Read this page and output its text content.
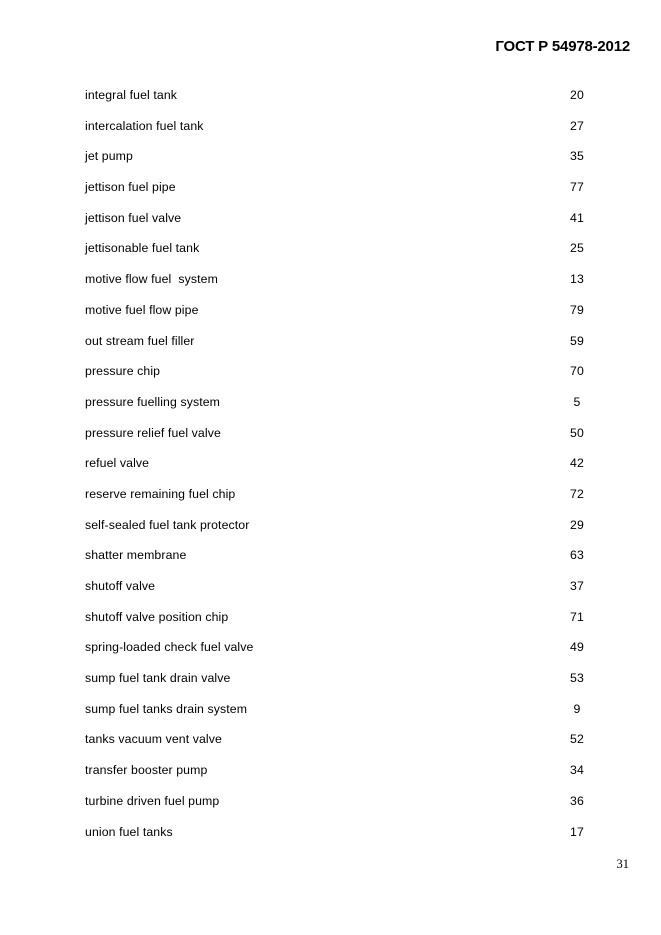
ГОСТ Р 54978-2012
integral fuel tank	20
intercalation fuel tank	27
jet pump	35
jettison fuel pipe	77
jettison fuel valve	41
jettisonable fuel tank	25
motive flow fuel  system	13
motive fuel flow pipe	79
out stream fuel filler	59
pressure chip	70
pressure fuelling system	5
pressure relief fuel valve	50
refuel valve	42
reserve remaining fuel chip	72
self-sealed fuel tank protector	29
shatter membrane	63
shutoff valve	37
shutoff valve position chip	71
spring-loaded check fuel valve	49
sump fuel tank drain valve	53
sump fuel tanks drain system	9
tanks vacuum vent valve	52
transfer booster pump	34
turbine driven fuel pump	36
union fuel tanks	17
31
